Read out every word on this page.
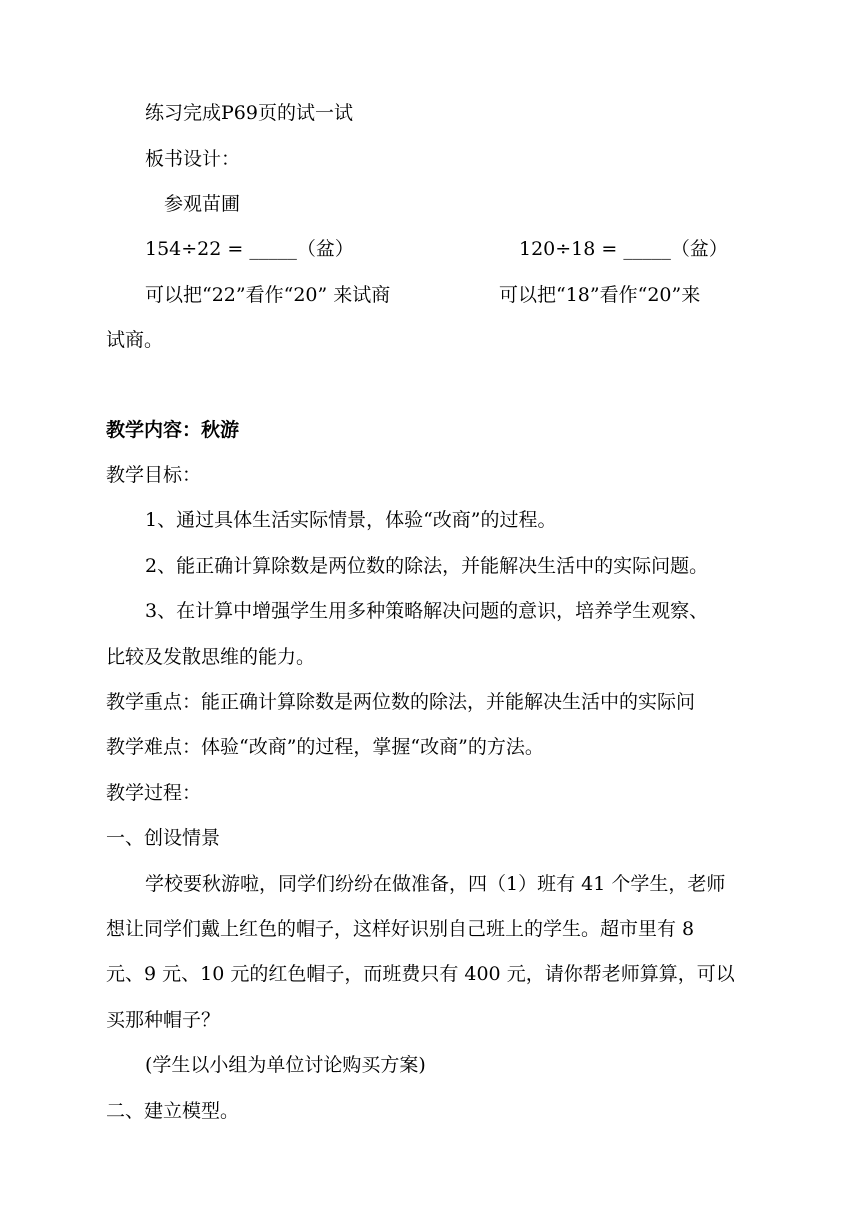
练习完成P69页的试一试
板书设计：
参观苗圃
154÷22 = _____（盆）	120÷18 = _____（盆）
可以把“22”看作“20” 来试商	可以把“18”看作“20”来
试商。
教学内容：秋游
教学目标：
1、通过具体生活实际情景，体验“改商”的过程。
2、能正确计算除数是两位数的除法，并能解决生活中的实际问题。
3、在计算中增强学生用多种策略解决问题的意识，培养学生观察、
比较及发散思维的能力。
教学重点：能正确计算除数是两位数的除法，并能解决生活中的实际问
教学难点：体验“改商”的过程，掌握“改商”的方法。
教学过程：
一、创设情景
学校要秋游啦，同学们纷纷在做准备，四（1）班有 41 个学生，老师
想让同学们戴上红色的帽子，这样好识别自己班上的学生。超市里有 8
元、9 元、10 元的红色帽子，而班费只有 400 元，请你帮老师算算，可以
买那种帽子？
(学生以小组为单位讨论购买方案)
二、建立模型。
